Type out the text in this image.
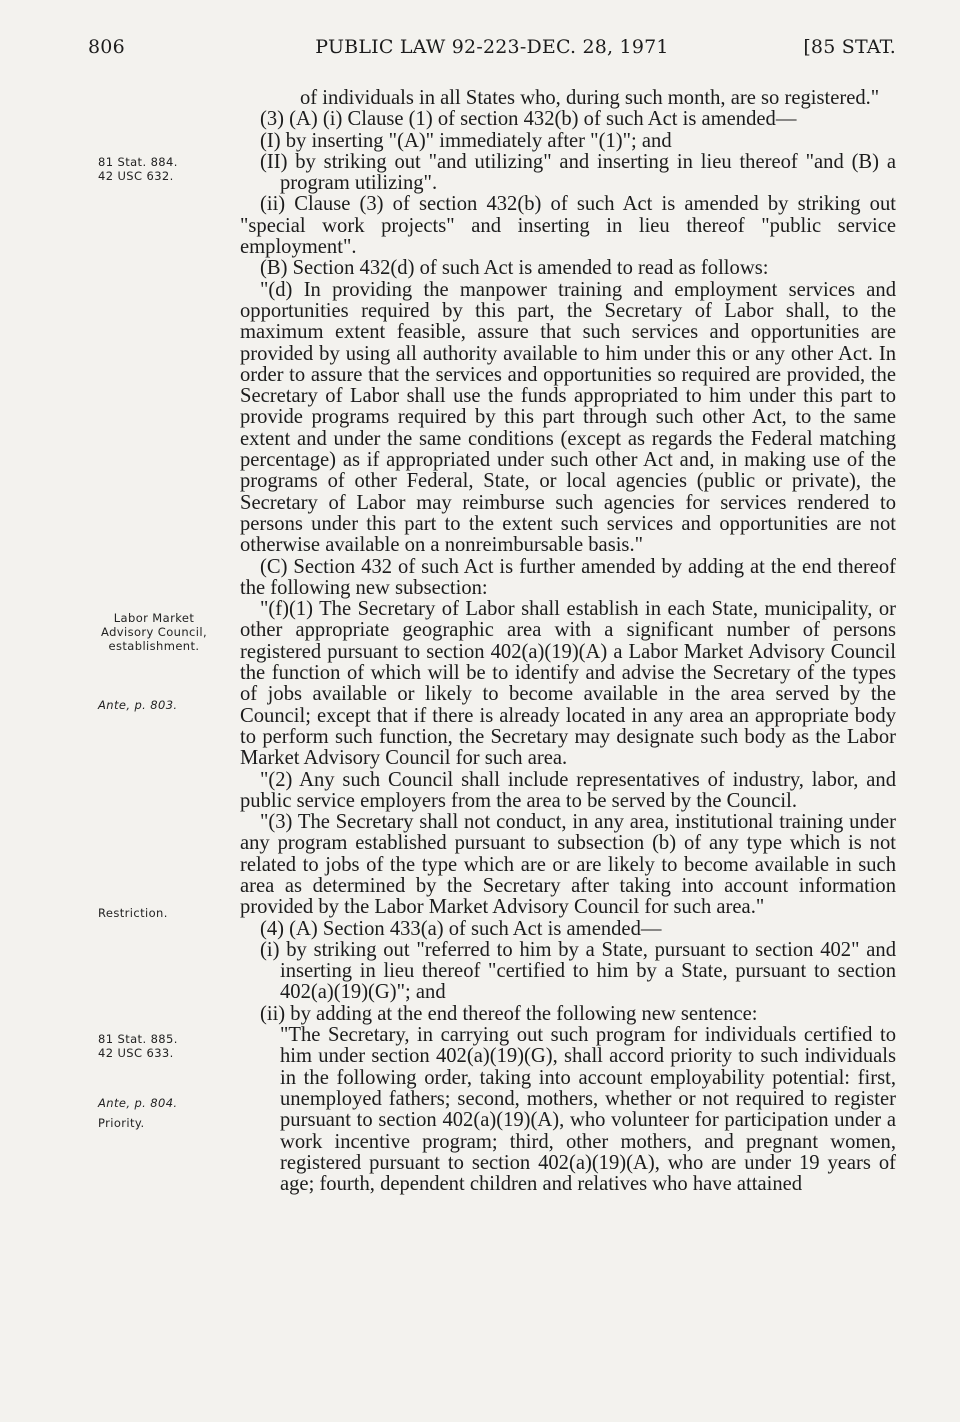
806	PUBLIC LAW 92-223-DEC. 28, 1971	[85 STAT.
81 Stat. 884.
42 USC 632.
Labor Market
Advisory Council,
establishment.
Ante, p. 803.
Restriction.
81 Stat. 885.
42 USC 633.
Ante, p. 804.
Priority.

of individuals in all States who, during such month, are so registered."

(3) (A) (i) Clause (1) of section 432(b) of such Act is amended—

(I) by inserting "(A)" immediately after "(1)"; and

(II) by striking out "and utilizing" and inserting in lieu thereof "and (B) a program utilizing".

(ii) Clause (3) of section 432(b) of such Act is amended by striking out "special work projects" and inserting in lieu thereof "public service employment".

(B) Section 432(d) of such Act is amended to read as follows:

"(d) In providing the manpower training and employment services and opportunities required by this part, the Secretary of Labor shall, to the maximum extent feasible, assure that such services and opportunities are provided by using all authority available to him under this or any other Act. In order to assure that the services and opportunities so required are provided, the Secretary of Labor shall use the funds appropriated to him under this part to provide programs required by this part through such other Act, to the same extent and under the same conditions (except as regards the Federal matching percentage) as if appropriated under such other Act and, in making use of the programs of other Federal, State, or local agencies (public or private), the Secretary of Labor may reimburse such agencies for services rendered to persons under this part to the extent such services and opportunities are not otherwise available on a nonreimbursable basis."

(C) Section 432 of such Act is further amended by adding at the end thereof the following new subsection:

"(f)(1) The Secretary of Labor shall establish in each State, municipality, or other appropriate geographic area with a significant number of persons registered pursuant to section 402(a)(19)(A) a Labor Market Advisory Council the function of which will be to identify and advise the Secretary of the types of jobs available or likely to become available in the area served by the Council; except that if there is already located in any area an appropriate body to perform such function, the Secretary may designate such body as the Labor Market Advisory Council for such area.

"(2) Any such Council shall include representatives of industry, labor, and public service employers from the area to be served by the Council.

"(3) The Secretary shall not conduct, in any area, institutional training under any program established pursuant to subsection (b) of any type which is not related to jobs of the type which are or are likely to become available in such area as determined by the Secretary after taking into account information provided by the Labor Market Advisory Council for such area."

(4) (A) Section 433(a) of such Act is amended—

(i) by striking out "referred to him by a State, pursuant to section 402" and inserting in lieu thereof "certified to him by a State, pursuant to section 402(a)(19)(G)"; and

(ii) by adding at the end thereof the following new sentence:

"The Secretary, in carrying out such program for individuals certified to him under section 402(a)(19)(G), shall accord priority to such individuals in the following order, taking into account employability potential: first, unemployed fathers; second, mothers, whether or not required to register pursuant to section 402(a)(19)(A), who volunteer for participation under a work incentive program; third, other mothers, and pregnant women, registered pursuant to section 402(a)(19)(A), who are under 19 years of age; fourth, dependent children and relatives who have attained
